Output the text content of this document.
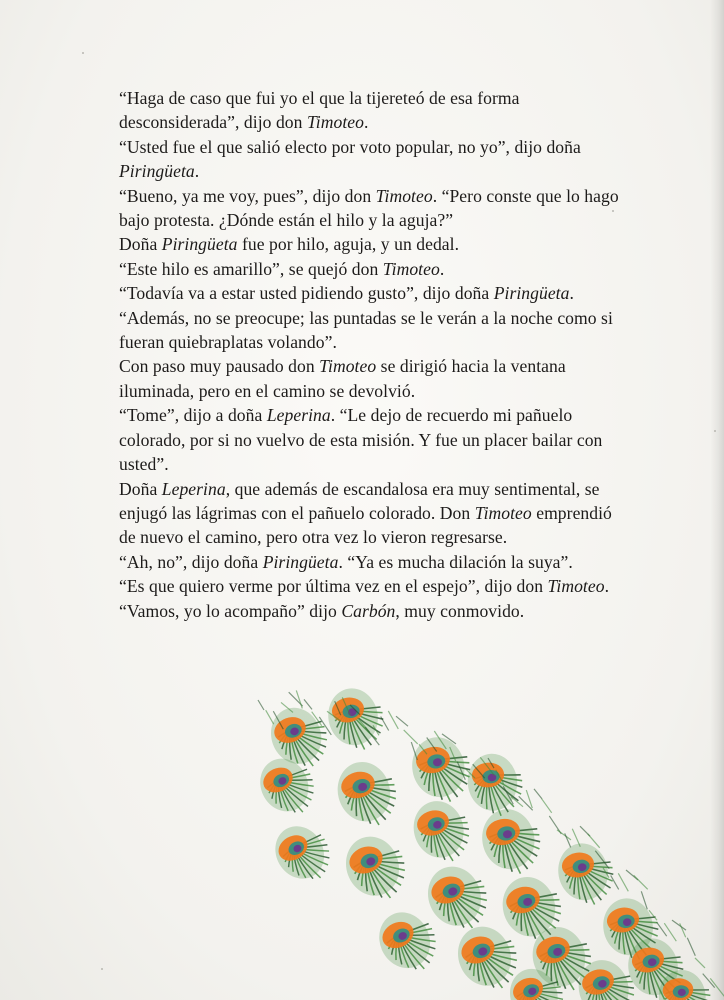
“Haga de caso que fui yo el que la tijereteó de esa forma desconsiderada”, dijo don Timoteo.

“Usted fue el que salió electo por voto popular, no yo”, dijo doña Piringüeta.

“Bueno, ya me voy, pues”, dijo don Timoteo. “Pero conste que lo hago bajo protesta. ¿Dónde están el hilo y la aguja?”

Doña Piringüeta fue por hilo, aguja, y un dedal.

“Este hilo es amarillo”, se quejó don Timoteo.

“Todavía va a estar usted pidiendo gusto”, dijo doña Piringüeta.

“Además, no se preocupe; las puntadas se le verán a la noche como si fueran quiebraplatas volando”.

Con paso muy pausado don Timoteo se dirigió hacia la ventana iluminada, pero en el camino se devolvió.

“Tome”, dijo a doña Leperina. “Le dejo de recuerdo mi pañuelo colorado, por si no vuelvo de esta misión. Y fue un placer bailar con usted”.

Doña Leperina, que además de escandalosa era muy sentimental, se enjugó las lágrimas con el pañuelo colorado. Don Timoteo emprendió de nuevo el camino, pero otra vez lo vieron regresarse.

“Ah, no”, dijo doña Piringüeta. “Ya es mucha dilación la suya”.

“Es que quiero verme por última vez en el espejo”, dijo don Timoteo.

“Vamos, yo lo acompaño” dijo Carbón, muy conmovido.
